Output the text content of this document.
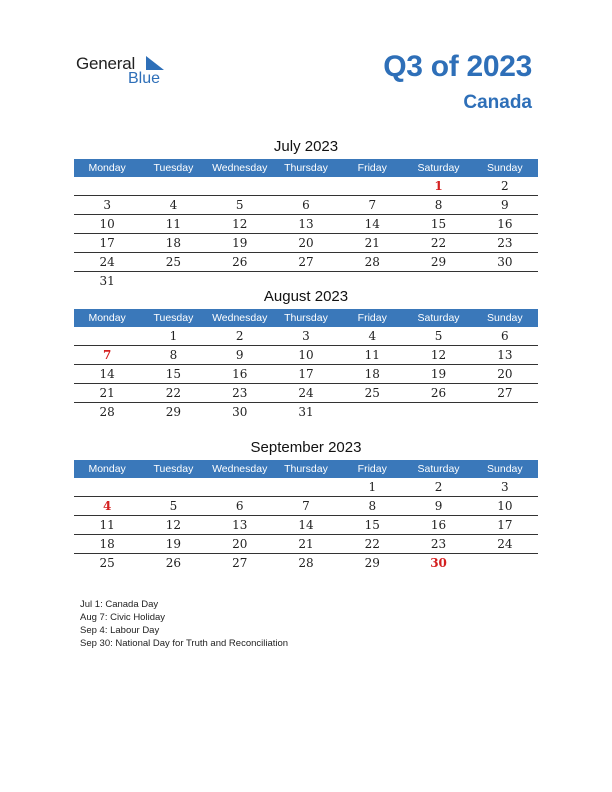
General
Blue	Q3 of 2023
Canada
July 2023
Monday	Tuesday	Wednesday	Thursday	Friday	Saturday	Sunday
					1	2
3	4	5	6	7	8	9
10	11	12	13	14	15	16
17	18	19	20	21	22	23
24	25	26	27	28	29	30
31						
August 2023
Monday	Tuesday	Wednesday	Thursday	Friday	Saturday	Sunday
	1	2	3	4	5	6
7	8	9	10	11	12	13
14	15	16	17	18	19	20
21	22	23	24	25	26	27
28	29	30	31			
September 2023
Monday	Tuesday	Wednesday	Thursday	Friday	Saturday	Sunday
				1	2	3
4	5	6	7	8	9	10
11	12	13	14	15	16	17
18	19	20	21	22	23	24
25	26	27	28	29	30	
Jul 1: Canada Day
Aug 7: Civic Holiday
Sep 4: Labour Day
Sep 30: National Day for Truth and Reconciliation
